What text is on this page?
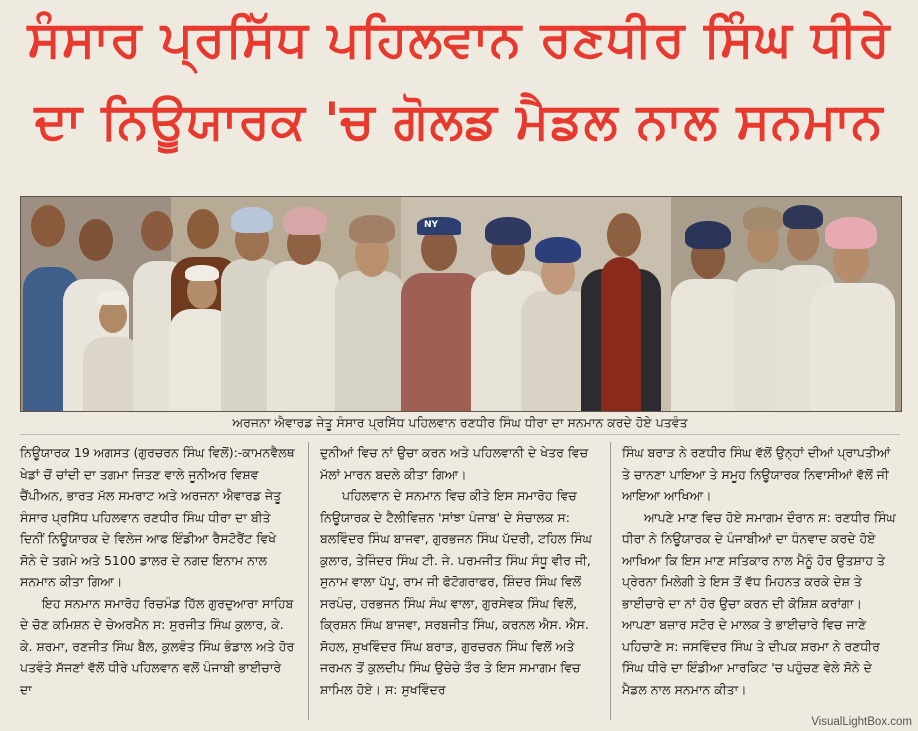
ਸੰਸਾਰ ਪ੍ਰਸਿੱਧ ਪਹਿਲਵਾਨ ਰਣਧੀਰ ਸਿੰਘ ਧੀਰੇ
ਦਾ ਨਿਊਯਾਰਕ 'ਚ ਗੋਲਡ ਮੈਡਲ ਨਾਲ ਸਨਮਾਨ
ਅਰਜਨਾ ਐਵਾਰਡ ਜੇਤੂ ਸੰਸਾਰ ਪ੍ਰਸਿੱਧ ਪਹਿਲਵਾਨ ਰਣਧੀਰ ਸਿੰਘ ਧੀਰਾ ਦਾ ਸਨਮਾਨ ਕਰਦੇ ਹੋਏ ਪਤਵੰਤ

ਨਿਊਯਾਰਕ 19 ਅਗਸਤ (ਗੁਰਚਰਨ ਸਿੰਘ ਵਿਲੋਂ):-ਕਾਮਨਵੈਲਥ ਖੇਡਾਂ ਚੋਂ ਚਾਂਦੀ ਦਾ ਤਗਮਾ ਜਿਤਣ ਵਾਲੇ ਜੂਨੀਅਰ ਵਿਸ਼ਵ ਚੈਂਪੀਅਨ, ਭਾਰਤ ਮੱਲ ਸਮਰਾਟ ਅਤੇ ਅਰਜਨਾ ਐਵਾਰਡ ਜੇਤੂ ਸੰਸਾਰ ਪ੍ਰਸਿੱਧ ਪਹਿਲਵਾਨ ਰਣਧੀਰ ਸਿੰਘ ਧੀਰਾ ਦਾ ਬੀਤੇ ਦਿਨੀਂ ਨਿਊਯਾਰਕ ਦੇ ਵਿਲੇਜ ਆਫ ਇੰਡੀਆ ਰੈਸਟੋਰੈਂਟ ਵਿਖੇ ਸੋਨੇ ਦੇ ਤਗਮੇ ਅਤੇ 5100 ਡਾਲਰ ਦੇ ਨਗਦ ਇਨਾਮ ਨਾਲ ਸਨਮਾਨ ਕੀਤਾ ਗਿਆ।

ਇਹ ਸਨਮਾਨ ਸਮਾਰੋਹ ਰਿਚਮੰਡ ਹਿੱਲ ਗੁਰਦੁਆਰਾ ਸਾਹਿਬ ਦੇ ਚੋਣ ਕਮਿਸ਼ਨ ਦੇ ਚੇਅਰਮੈਨ ਸ: ਸੁਰਜੀਤ ਸਿੰਘ ਕੁਲਾਰ, ਕੇ. ਕੇ. ਸ਼ਰਮਾ, ਰਣਜੀਤ ਸਿੰਘ ਬੈਲ, ਕੁਲਵੰਤ ਸਿੰਘ ਭੰਡਾਲ ਅਤੇ ਹੋਰ ਪਤਵੰਤੇ ਸੱਜਣਾਂ ਵੱਲੋਂ ਧੀਰੇ ਪਹਿਲਵਾਨ ਵਲੋਂ ਪੰਜਾਬੀ ਭਾਈਚਾਰੇ ਦਾ

ਦੁਨੀਆਂ ਵਿਚ ਨਾਂ ਉਚਾ ਕਰਨ ਅਤੇ ਪਹਿਲਵਾਨੀ ਦੇ ਖੇਤਰ ਵਿਚ ਮੱਲਾਂ ਮਾਰਨ ਬਦਲੇ ਕੀਤਾ ਗਿਆ।

ਪਹਿਲਵਾਨ ਦੇ ਸਨਮਾਨ ਵਿਚ ਕੀਤੇ ਇਸ ਸਮਾਰੋਹ ਵਿਚ ਨਿਊਯਾਰਕ ਦੇ ਟੈਲੀਵਿਜ਼ਨ 'ਸਾਂਝਾ ਪੰਜਾਬ' ਦੇ ਸੰਚਾਲਕ ਸ: ਬਲਵਿੰਦਰ ਸਿੰਘ ਬਾਜਵਾ, ਗੁਰਭਜਨ ਸਿੰਘ ਪੱਦਰੀ, ਟਹਿਲ ਸਿੰਘ ਕੁਲਾਰ, ਤੇਜਿੰਦਰ ਸਿੰਘ ਟੀ. ਜੇ. ਪਰਮਜੀਤ ਸਿੰਘ ਸੰਧੂ ਵੀਰ ਜੀ, ਸੁਨਾਮ ਵਾਲਾ ਪੱਪੂ, ਰਾਮ ਜੀ ਫੋਟੋਗਰਾਫਰ, ਸ਼ਿੰਦਰ ਸਿੰਘ ਵਿਲੋਂ ਸਰਪੰਚ, ਹਰਭਜਨ ਸਿੰਘ ਸੰਘ ਵਾਲਾ, ਗੁਰਸੇਵਕ ਸਿੰਘ ਵਿਲੋਂ, ਕ੍ਰਿਸ਼ਨ ਸਿੰਘ ਬਾਜਵਾ, ਸਰਬਜੀਤ ਸਿੰਘ, ਕਰਨਲ ਐਸ. ਐਸ. ਸੋਹਲ, ਸੁਖਵਿੰਦਰ ਸਿੰਘ ਬਰਾੜ, ਗੁਰਚਰਨ ਸਿੰਘ ਵਿਲੋਂ ਅਤੇ ਜਰਮਨ ਤੋਂ ਕੁਲਦੀਪ ਸਿੰਘ ਉਚੇਚੇ ਤੌਰ ਤੇ ਇਸ ਸਮਾਗਮ ਵਿਚ ਸ਼ਾਮਿਲ ਹੋਏ। ਸ: ਸੁਖਵਿੰਦਰ

ਸਿੰਘ ਬਰਾੜ ਨੇ ਰਣਧੀਰ ਸਿੰਘ ਵੱਲੋਂ ਉਨ੍ਹਾਂ ਦੀਆਂ ਪ੍ਰਾਪਤੀਆਂ ਤੇ ਚਾਨਣਾ ਪਾਇਆ ਤੇ ਸਮੂਹ ਨਿਊਯਾਰਕ ਨਿਵਾਸੀਆਂ ਵੱਲੋਂ ਜੀ ਆਇਆ ਆਖਿਆ।

ਆਪਣੇ ਮਾਣ ਵਿਚ ਹੋਏ ਸਮਾਗਮ ਦੌਰਾਨ ਸ: ਰਣਧੀਰ ਸਿੰਘ ਧੀਰਾ ਨੇ ਨਿਊਯਾਰਕ ਦੇ ਪੰਜਾਬੀਆਂ ਦਾ ਧੰਨਵਾਦ ਕਰਦੇ ਹੋਏ ਆਖਿਆ ਕਿ ਇਸ ਮਾਣ ਸਤਿਕਾਰ ਨਾਲ ਮੈਨੂੰ ਹੋਰ ਉਤਸ਼ਾਹ ਤੇ ਪ੍ਰੇਰਨਾ ਮਿਲੇਗੀ ਤੇ ਇਸ ਤੋਂ ਵੱਧ ਮਿਹਨਤ ਕਰਕੇ ਦੇਸ਼ ਤੇ ਭਾਈਚਾਰੇ ਦਾ ਨਾਂ ਹੋਰ ਉਚਾ ਕਰਨ ਦੀ ਕੋਸ਼ਿਸ਼ ਕਰਾਂਗਾ। ਆਪਣਾ ਬਜ਼ਾਰ ਸਟੋਰ ਦੇ ਮਾਲਕ ਤੇ ਭਾਈਚਾਰੇ ਵਿਚ ਜਾਣੇ ਪਹਿਚਾਣੇ ਸ: ਜਸਵਿੰਦਰ ਸਿੰਘ ਤੇ ਦੀਪਕ ਸ਼ਰਮਾ ਨੇ ਰਣਧੀਰ ਸਿੰਘ ਧੀਰੇ ਦਾ ਇੰਡੀਆ ਮਾਰਕਿਟ 'ਚ ਪਹੁੰਚਣ ਵੇਲੇ ਸੋਨੇ ਦੇ ਮੈਡਲ ਨਾਲ ਸਨਮਾਨ ਕੀਤਾ।

VisualLightBox.com
NY
